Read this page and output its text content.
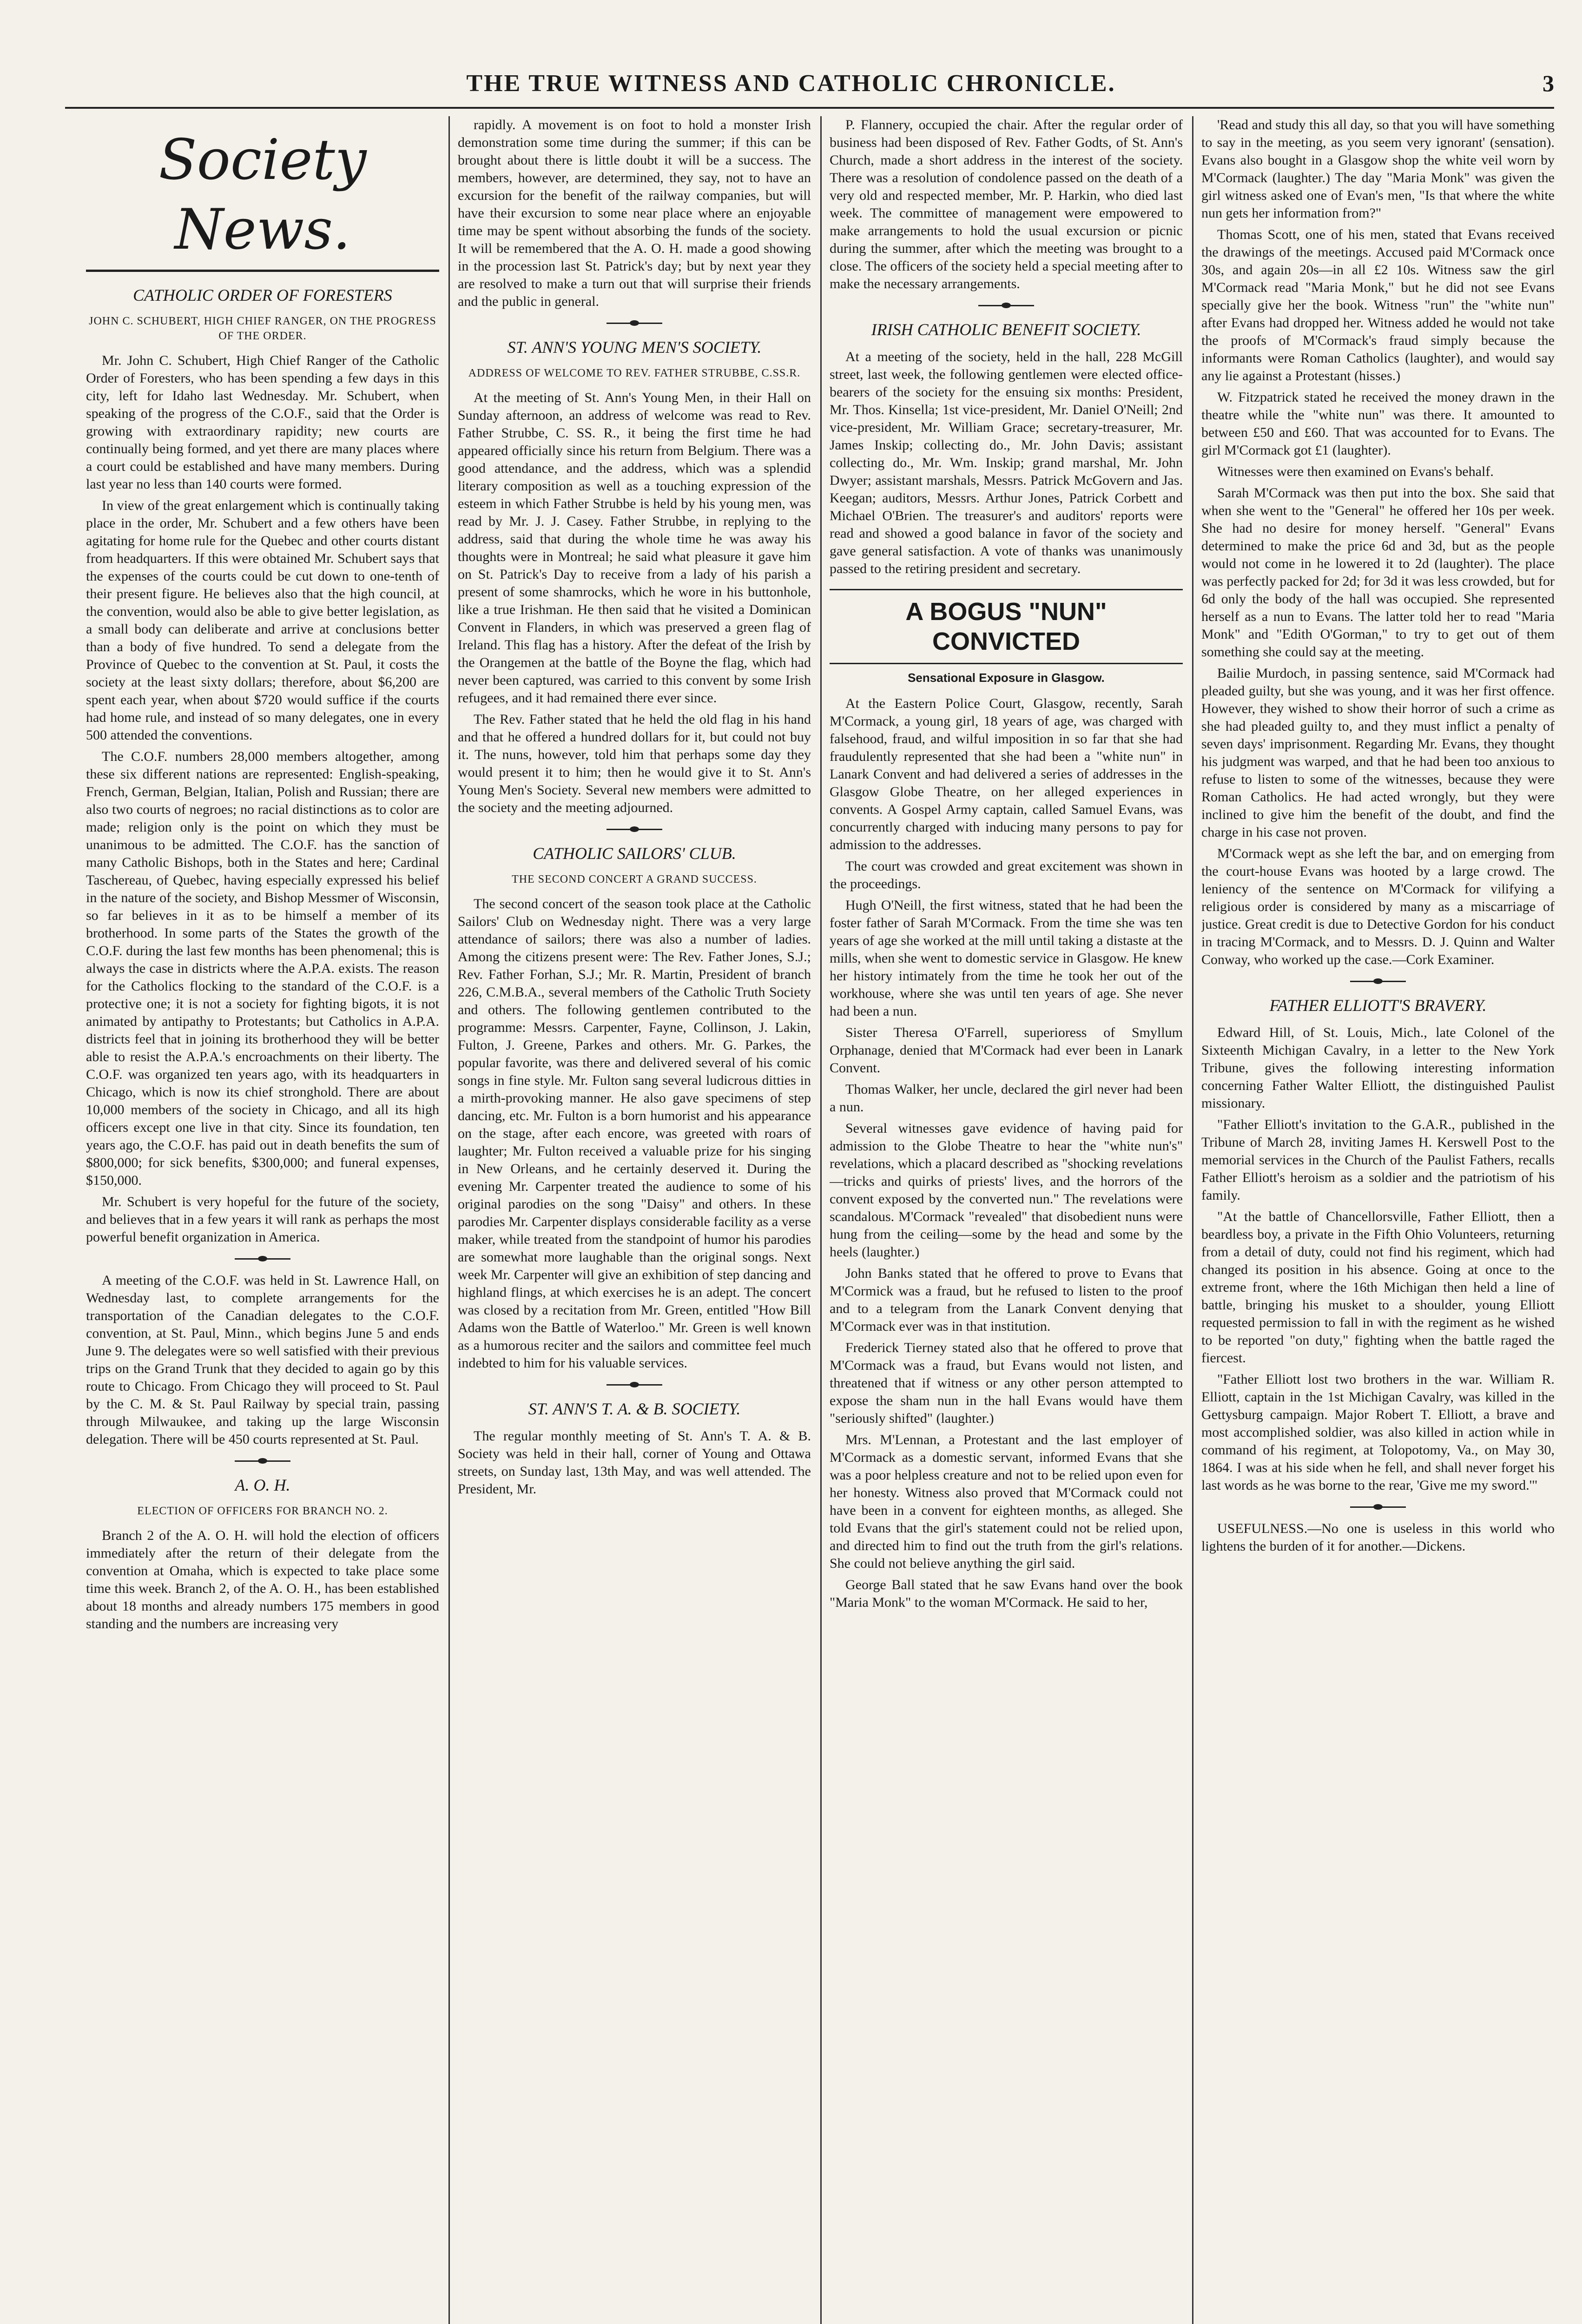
THE TRUE WITNESS AND CATHOLIC CHRONICLE.	3
Society News.
CATHOLIC ORDER OF FORESTERS
JOHN C. SCHUBERT, HIGH CHIEF RANGER, ON THE PROGRESS OF THE ORDER.

Mr. John C. Schubert, High Chief Ranger of the Catholic Order of Foresters, who has been spending a few days in this city, left for Idaho last Wednesday. Mr. Schubert, when speaking of the progress of the C.O.F., said that the Order is growing with extraordinary rapidity; new courts are continually being formed, and yet there are many places where a court could be established and have many members. During last year no less than 140 courts were formed.

In view of the great enlargement which is continually taking place in the order, Mr. Schubert and a few others have been agitating for home rule for the Quebec and other courts distant from headquarters. If this were obtained Mr. Schubert says that the expenses of the courts could be cut down to one-tenth of their present figure. He believes also that the high council, at the convention, would also be able to give better legislation, as a small body can deliberate and arrive at conclusions better than a body of five hundred. To send a delegate from the Province of Quebec to the convention at St. Paul, it costs the society at the least sixty dollars; therefore, about $6,200 are spent each year, when about $720 would suffice if the courts had home rule, and instead of so many delegates, one in every 500 attended the conventions.

The C.O.F. numbers 28,000 members altogether, among these six different nations are represented: English-speaking, French, German, Belgian, Italian, Polish and Russian; there are also two courts of negroes; no racial distinctions as to color are made; religion only is the point on which they must be unanimous to be admitted. The C.O.F. has the sanction of many Catholic Bishops, both in the States and here; Cardinal Taschereau, of Quebec, having especially expressed his belief in the nature of the society, and Bishop Messmer of Wisconsin, so far believes in it as to be himself a member of its brotherhood. In some parts of the States the growth of the C.O.F. during the last few months has been phenomenal; this is always the case in districts where the A.P.A. exists. The reason for the Catholics flocking to the standard of the C.O.F. is a protective one; it is not a society for fighting bigots, it is not animated by antipathy to Protestants; but Catholics in A.P.A. districts feel that in joining its brotherhood they will be better able to resist the A.P.A.'s encroachments on their liberty. The C.O.F. was organized ten years ago, with its headquarters in Chicago, which is now its chief stronghold. There are about 10,000 members of the society in Chicago, and all its high officers except one live in that city. Since its foundation, ten years ago, the C.O.F. has paid out in death benefits the sum of $800,000; for sick benefits, $300,000; and funeral expenses, $150,000.

Mr. Schubert is very hopeful for the future of the society, and believes that in a few years it will rank as perhaps the most powerful benefit organization in America.

A meeting of the C.O.F. was held in St. Lawrence Hall, on Wednesday last, to complete arrangements for the transportation of the Canadian delegates to the C.O.F. convention, at St. Paul, Minn., which begins June 5 and ends June 9. The delegates were so well satisfied with their previous trips on the Grand Trunk that they decided to again go by this route to Chicago. From Chicago they will proceed to St. Paul by the C. M. & St. Paul Railway by special train, passing through Milwaukee, and taking up the large Wisconsin delegation. There will be 450 courts represented at St. Paul.

A. O. H.
ELECTION OF OFFICERS FOR BRANCH NO. 2.

Branch 2 of the A. O. H. will hold the election of officers immediately after the return of their delegate from the convention at Omaha, which is expected to take place some time this week. Branch 2, of the A. O. H., has been established about 18 months and already numbers 175 members in good standing and the numbers are increasing very

rapidly. A movement is on foot to hold a monster Irish demonstration some time during the summer; if this can be brought about there is little doubt it will be a success. The members, however, are determined, they say, not to have an excursion for the benefit of the railway companies, but will have their excursion to some near place where an enjoyable time may be spent without absorbing the funds of the society. It will be remembered that the A. O. H. made a good showing in the procession last St. Patrick's day; but by next year they are resolved to make a turn out that will surprise their friends and the public in general.

ST. ANN'S YOUNG MEN'S SOCIETY.
ADDRESS OF WELCOME TO REV. FATHER STRUBBE, C.SS.R.

At the meeting of St. Ann's Young Men, in their Hall on Sunday afternoon, an address of welcome was read to Rev. Father Strubbe, C. SS. R., it being the first time he had appeared officially since his return from Belgium. There was a good attendance, and the address, which was a splendid literary composition as well as a touching expression of the esteem in which Father Strubbe is held by his young men, was read by Mr. J. J. Casey. Father Strubbe, in replying to the address, said that during the whole time he was away his thoughts were in Montreal; he said what pleasure it gave him on St. Patrick's Day to receive from a lady of his parish a present of some shamrocks, which he wore in his buttonhole, like a true Irishman. He then said that he visited a Dominican Convent in Flanders, in which was preserved a green flag of Ireland. This flag has a history. After the defeat of the Irish by the Orangemen at the battle of the Boyne the flag, which had never been captured, was carried to this convent by some Irish refugees, and it had remained there ever since.

The Rev. Father stated that he held the old flag in his hand and that he offered a hundred dollars for it, but could not buy it. The nuns, however, told him that perhaps some day they would present it to him; then he would give it to St. Ann's Young Men's Society. Several new members were admitted to the society and the meeting adjourned.

CATHOLIC SAILORS' CLUB.
THE SECOND CONCERT A GRAND SUCCESS.

The second concert of the season took place at the Catholic Sailors' Club on Wednesday night. There was a very large attendance of sailors; there was also a number of ladies. Among the citizens present were: The Rev. Father Jones, S.J.; Rev. Father Forhan, S.J.; Mr. R. Martin, President of branch 226, C.M.B.A., several members of the Catholic Truth Society and others. The following gentlemen contributed to the programme: Messrs. Carpenter, Fayne, Collinson, J. Lakin, Fulton, J. Greene, Parkes and others. Mr. G. Parkes, the popular favorite, was there and delivered several of his comic songs in fine style. Mr. Fulton sang several ludicrous ditties in a mirth-provoking manner. He also gave specimens of step dancing, etc. Mr. Fulton is a born humorist and his appearance on the stage, after each encore, was greeted with roars of laughter; Mr. Fulton received a valuable prize for his singing in New Orleans, and he certainly deserved it. During the evening Mr. Carpenter treated the audience to some of his original parodies on the song "Daisy" and others. In these parodies Mr. Carpenter displays considerable facility as a verse maker, while treated from the standpoint of humor his parodies are somewhat more laughable than the original songs. Next week Mr. Carpenter will give an exhibition of step dancing and highland flings, at which exercises he is an adept. The concert was closed by a recitation from Mr. Green, entitled "How Bill Adams won the Battle of Waterloo." Mr. Green is well known as a humorous reciter and the sailors and committee feel much indebted to him for his valuable services.

ST. ANN'S T. A. & B. SOCIETY.

The regular monthly meeting of St. Ann's T. A. & B. Society was held in their hall, corner of Young and Ottawa streets, on Sunday last, 13th May, and was well attended. The President, Mr.

P. Flannery, occupied the chair. After the regular order of business had been disposed of Rev. Father Godts, of St. Ann's Church, made a short address in the interest of the society. There was a resolution of condolence passed on the death of a very old and respected member, Mr. P. Harkin, who died last week. The committee of management were empowered to make arrangements to hold the usual excursion or picnic during the summer, after which the meeting was brought to a close. The officers of the society held a special meeting after to make the necessary arrangements.

IRISH CATHOLIC BENEFIT SOCIETY.

At a meeting of the society, held in the hall, 228 McGill street, last week, the following gentlemen were elected office-bearers of the society for the ensuing six months: President, Mr. Thos. Kinsella; 1st vice-president, Mr. Daniel O'Neill; 2nd vice-president, Mr. William Grace; secretary-treasurer, Mr. James Inskip; collecting do., Mr. John Davis; assistant collecting do., Mr. Wm. Inskip; grand marshal, Mr. John Dwyer; assistant marshals, Messrs. Patrick McGovern and Jas. Keegan; auditors, Messrs. Arthur Jones, Patrick Corbett and Michael O'Brien. The treasurer's and auditors' reports were read and showed a good balance in favor of the society and gave general satisfaction. A vote of thanks was unanimously passed to the retiring president and secretary.

A BOGUS "NUN" CONVICTED
Sensational Exposure in Glasgow.

At the Eastern Police Court, Glasgow, recently, Sarah M'Cormack, a young girl, 18 years of age, was charged with falsehood, fraud, and wilful imposition in so far that she had fraudulently represented that she had been a "white nun" in Lanark Convent and had delivered a series of addresses in the Glasgow Globe Theatre, on her alleged experiences in convents. A Gospel Army captain, called Samuel Evans, was concurrently charged with inducing many persons to pay for admission to the addresses.

The court was crowded and great excitement was shown in the proceedings.

Hugh O'Neill, the first witness, stated that he had been the foster father of Sarah M'Cormack. From the time she was ten years of age she worked at the mill until taking a distaste at the mills, when she went to domestic service in Glasgow. He knew her history intimately from the time he took her out of the workhouse, where she was until ten years of age. She never had been a nun.

Sister Theresa O'Farrell, superioress of Smyllum Orphanage, denied that M'Cormack had ever been in Lanark Convent.

Thomas Walker, her uncle, declared the girl never had been a nun.

Several witnesses gave evidence of having paid for admission to the Globe Theatre to hear the "white nun's" revelations, which a placard described as "shocking revelations—tricks and quirks of priests' lives, and the horrors of the convent exposed by the converted nun." The revelations were scandalous. M'Cormack "revealed" that disobedient nuns were hung from the ceiling—some by the head and some by the heels (laughter.)

John Banks stated that he offered to prove to Evans that M'Cormick was a fraud, but he refused to listen to the proof and to a telegram from the Lanark Convent denying that M'Cormack ever was in that institution.

Frederick Tierney stated also that he offered to prove that M'Cormack was a fraud, but Evans would not listen, and threatened that if witness or any other person attempted to expose the sham nun in the hall Evans would have them "seriously shifted" (laughter.)

Mrs. M'Lennan, a Protestant and the last employer of M'Cormack as a domestic servant, informed Evans that she was a poor helpless creature and not to be relied upon even for her honesty. Witness also proved that M'Cormack could not have been in a convent for eighteen months, as alleged. She told Evans that the girl's statement could not be relied upon, and directed him to find out the truth from the girl's relations. She could not believe anything the girl said.

George Ball stated that he saw Evans hand over the book "Maria Monk" to the woman M'Cormack. He said to her,

'Read and study this all day, so that you will have something to say in the meeting, as you seem very ignorant' (sensation). Evans also bought in a Glasgow shop the white veil worn by M'Cormack (laughter.) The day "Maria Monk" was given the girl witness asked one of Evan's men, "Is that where the white nun gets her information from?"

Thomas Scott, one of his men, stated that Evans received the drawings of the meetings. Accused paid M'Cormack once 30s, and again 20s—in all £2 10s. Witness saw the girl M'Cormack read "Maria Monk," but he did not see Evans specially give her the book. Witness "run" the "white nun" after Evans had dropped her. Witness added he would not take the proofs of M'Cormack's fraud simply because the informants were Roman Catholics (laughter), and would say any lie against a Protestant (hisses.)

W. Fitzpatrick stated he received the money drawn in the theatre while the "white nun" was there. It amounted to between £50 and £60. That was accounted for to Evans. The girl M'Cormack got £1 (laughter).

Witnesses were then examined on Evans's behalf.

Sarah M'Cormack was then put into the box. She said that when she went to the "General" he offered her 10s per week. She had no desire for money herself. "General" Evans determined to make the price 6d and 3d, but as the people would not come in he lowered it to 2d (laughter). The place was perfectly packed for 2d; for 3d it was less crowded, but for 6d only the body of the hall was occupied. She represented herself as a nun to Evans. The latter told her to read "Maria Monk" and "Edith O'Gorman," to try to get out of them something she could say at the meeting.

Bailie Murdoch, in passing sentence, said M'Cormack had pleaded guilty, but she was young, and it was her first offence. However, they wished to show their horror of such a crime as she had pleaded guilty to, and they must inflict a penalty of seven days' imprisonment. Regarding Mr. Evans, they thought his judgment was warped, and that he had been too anxious to refuse to listen to some of the witnesses, because they were Roman Catholics. He had acted wrongly, but they were inclined to give him the benefit of the doubt, and find the charge in his case not proven.

M'Cormack wept as she left the bar, and on emerging from the court-house Evans was hooted by a large crowd. The leniency of the sentence on M'Cormack for vilifying a religious order is considered by many as a miscarriage of justice. Great credit is due to Detective Gordon for his conduct in tracing M'Cormack, and to Messrs. D. J. Quinn and Walter Conway, who worked up the case.—Cork Examiner.

FATHER ELLIOTT'S BRAVERY.

Edward Hill, of St. Louis, Mich., late Colonel of the Sixteenth Michigan Cavalry, in a letter to the New York Tribune, gives the following interesting information concerning Father Walter Elliott, the distinguished Paulist missionary.

"Father Elliott's invitation to the G.A.R., published in the Tribune of March 28, inviting James H. Kerswell Post to the memorial services in the Church of the Paulist Fathers, recalls Father Elliott's heroism as a soldier and the patriotism of his family.

"At the battle of Chancellorsville, Father Elliott, then a beardless boy, a private in the Fifth Ohio Volunteers, returning from a detail of duty, could not find his regiment, which had changed its position in his absence. Going at once to the extreme front, where the 16th Michigan then held a line of battle, bringing his musket to a shoulder, young Elliott requested permission to fall in with the regiment as he wished to be reported "on duty," fighting when the battle raged the fiercest.

"Father Elliott lost two brothers in the war. William R. Elliott, captain in the 1st Michigan Cavalry, was killed in the Gettysburg campaign. Major Robert T. Elliott, a brave and most accomplished soldier, was also killed in action while in command of his regiment, at Tolopotomy, Va., on May 30, 1864. I was at his side when he fell, and shall never forget his last words as he was borne to the rear, 'Give me my sword.'"

USEFULNESS.—No one is useless in this world who lightens the burden of it for another.—Dickens.
